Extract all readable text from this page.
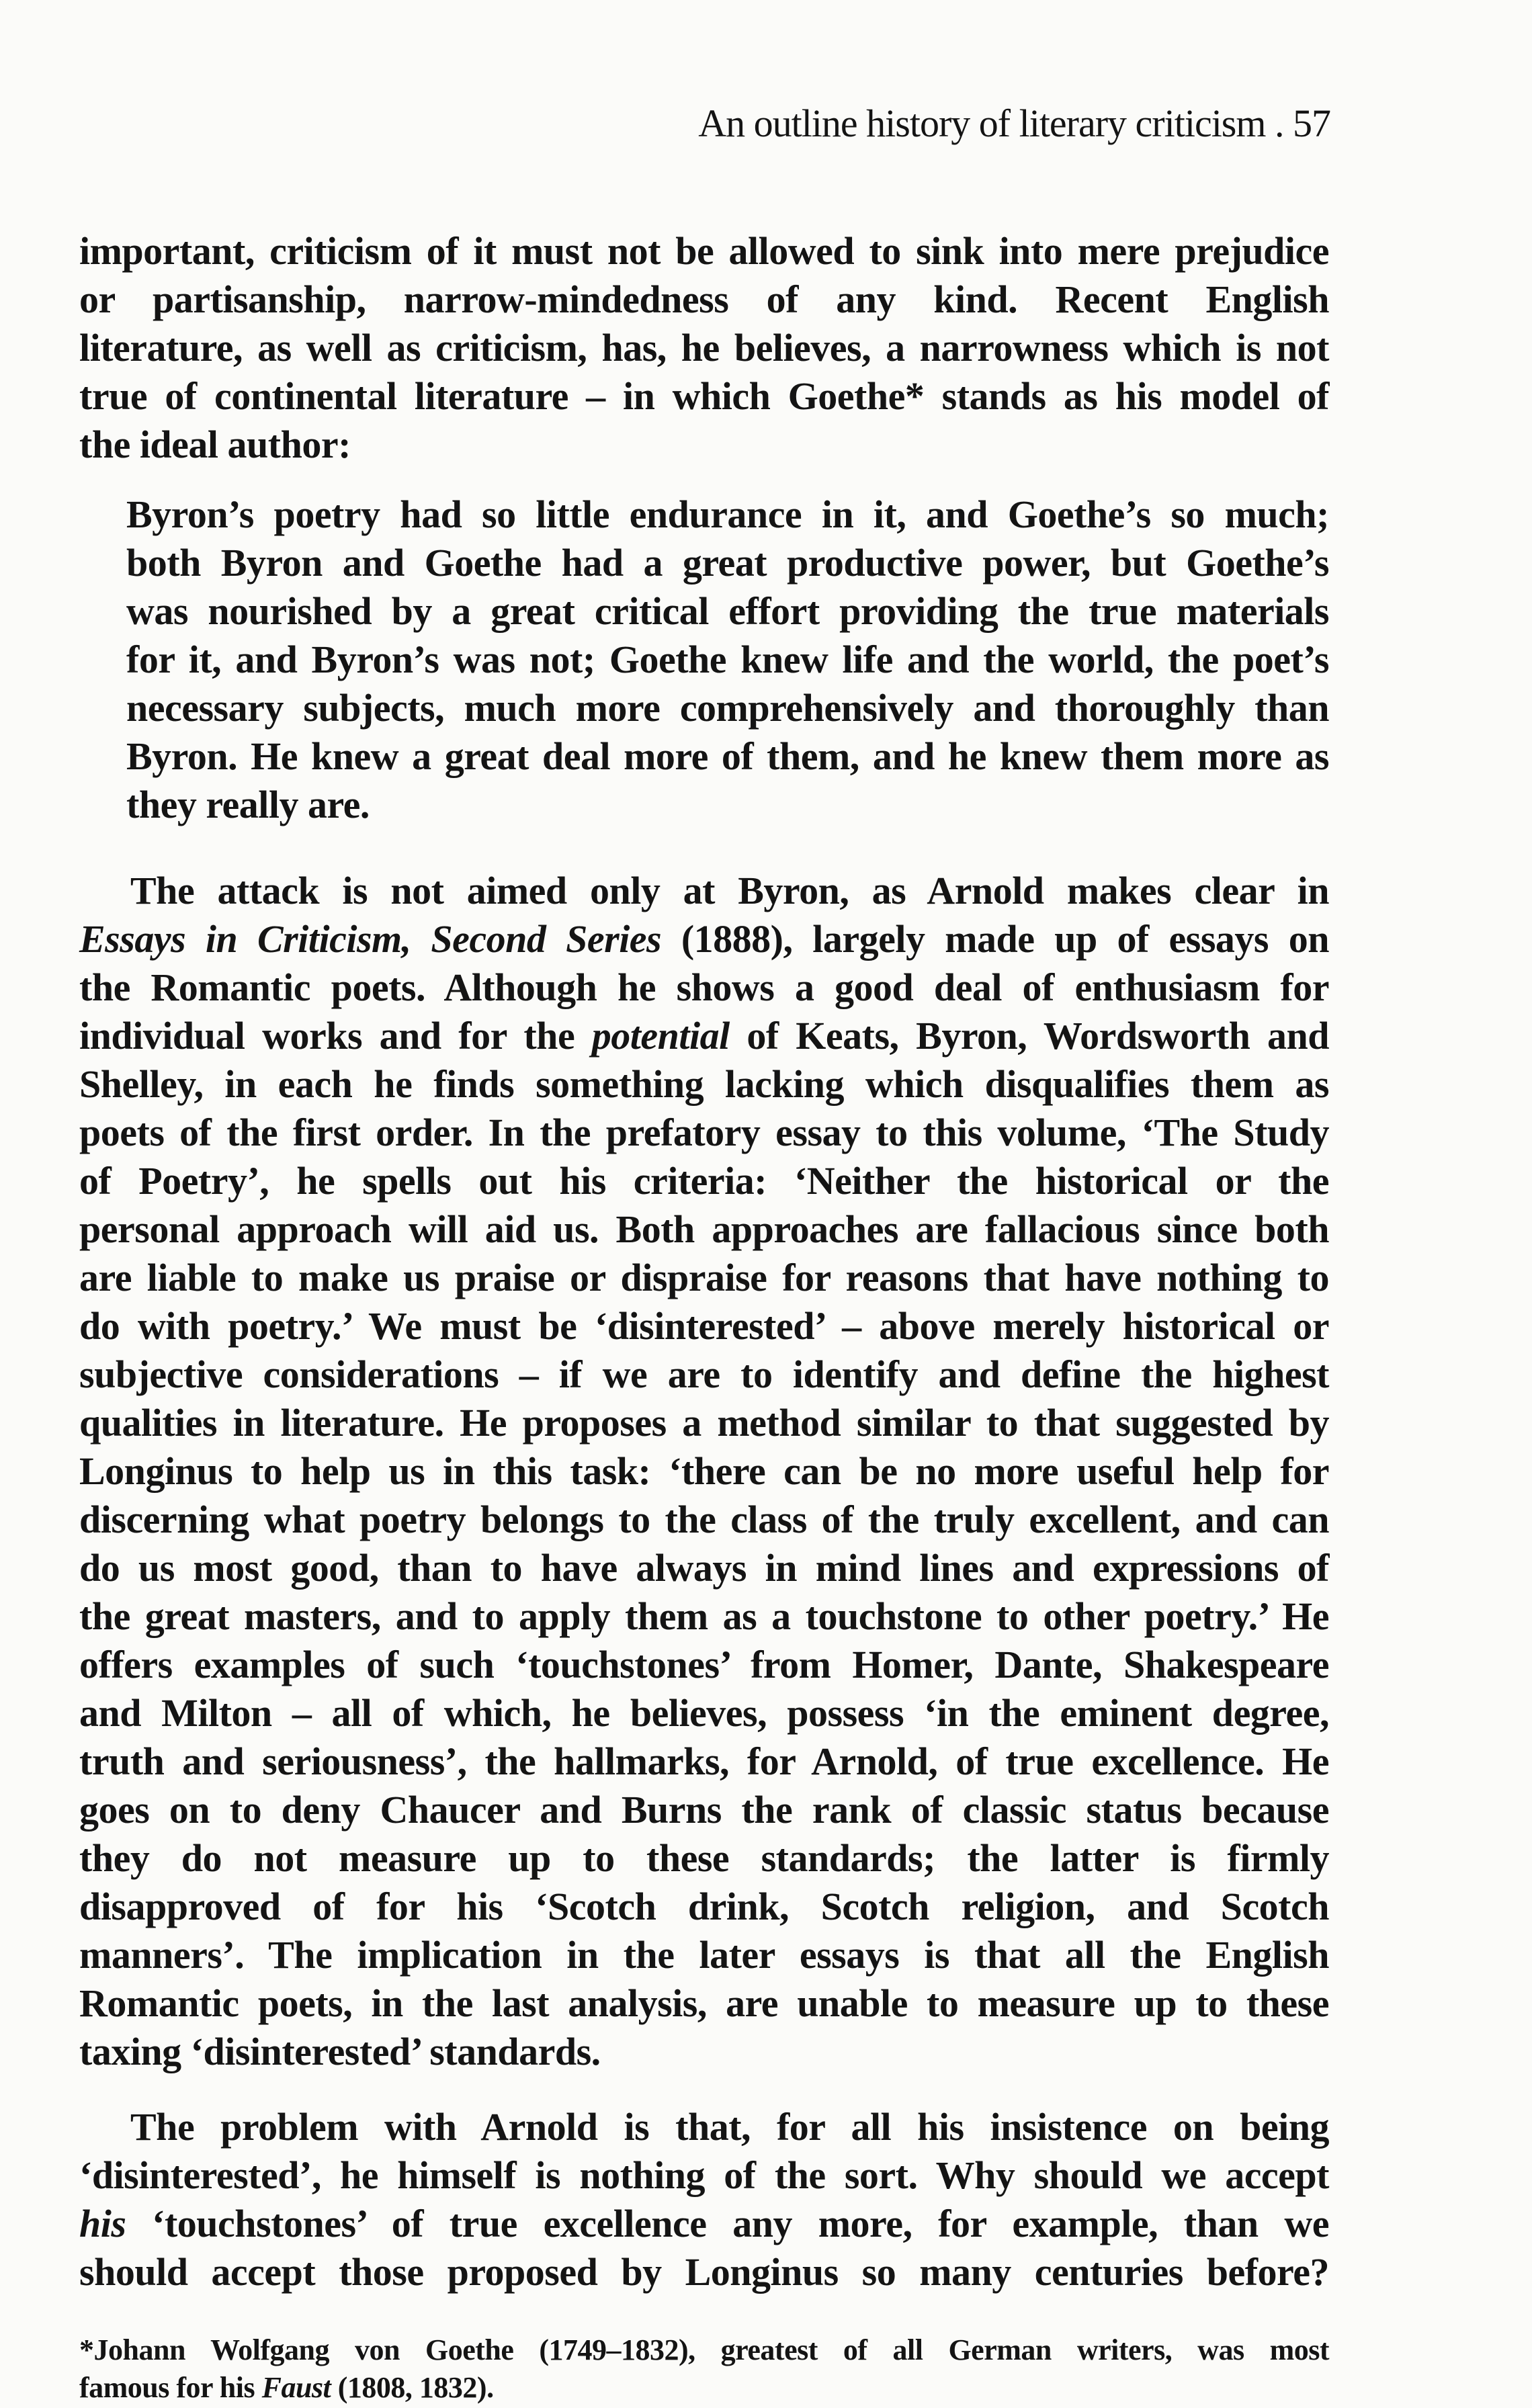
An outline history of literary criticism . 57
important, criticism of it must not be allowed to sink into mere prejudice
or partisanship, narrow-mindedness of any kind. Recent English
literature, as well as criticism, has, he believes, a narrowness which is not
true of continental literature – in which Goethe* stands as his model of
the ideal author:
Byron’s poetry had so little endurance in it, and Goethe’s so much;
both Byron and Goethe had a great productive power, but Goethe’s
was nourished by a great critical effort providing the true materials
for it, and Byron’s was not; Goethe knew life and the world, the poet’s
necessary subjects, much more comprehensively and thoroughly than
Byron. He knew a great deal more of them, and he knew them more as
they really are.
The attack is not aimed only at Byron, as Arnold makes clear in
Essays in Criticism, Second Series (1888), largely made up of essays on
the Romantic poets. Although he shows a good deal of enthusiasm for
individual works and for the potential of Keats, Byron, Wordsworth and
Shelley, in each he finds something lacking which disqualifies them as
poets of the first order. In the prefatory essay to this volume, ‘The Study
of Poetry’, he spells out his criteria: ‘Neither the historical or the
personal approach will aid us. Both approaches are fallacious since both
are liable to make us praise or dispraise for reasons that have nothing to
do with poetry.’ We must be ‘disinterested’ – above merely historical or
subjective considerations – if we are to identify and define the highest
qualities in literature. He proposes a method similar to that suggested by
Longinus to help us in this task: ‘there can be no more useful help for
discerning what poetry belongs to the class of the truly excellent, and can
do us most good, than to have always in mind lines and expressions of
the great masters, and to apply them as a touchstone to other poetry.’ He
offers examples of such ‘touchstones’ from Homer, Dante, Shakespeare
and Milton – all of which, he believes, possess ‘in the eminent degree,
truth and seriousness’, the hallmarks, for Arnold, of true excellence. He
goes on to deny Chaucer and Burns the rank of classic status because
they do not measure up to these standards; the latter is firmly
disapproved of for his ‘Scotch drink, Scotch religion, and Scotch
manners’. The implication in the later essays is that all the English
Romantic poets, in the last analysis, are unable to measure up to these
taxing ‘disinterested’ standards.
The problem with Arnold is that, for all his insistence on being
‘disinterested’, he himself is nothing of the sort. Why should we accept
his ‘touchstones’ of true excellence any more, for example, than we
should accept those proposed by Longinus so many centuries before?
*Johann Wolfgang von Goethe (1749–1832), greatest of all German writers, was most
famous for his Faust (1808, 1832).
